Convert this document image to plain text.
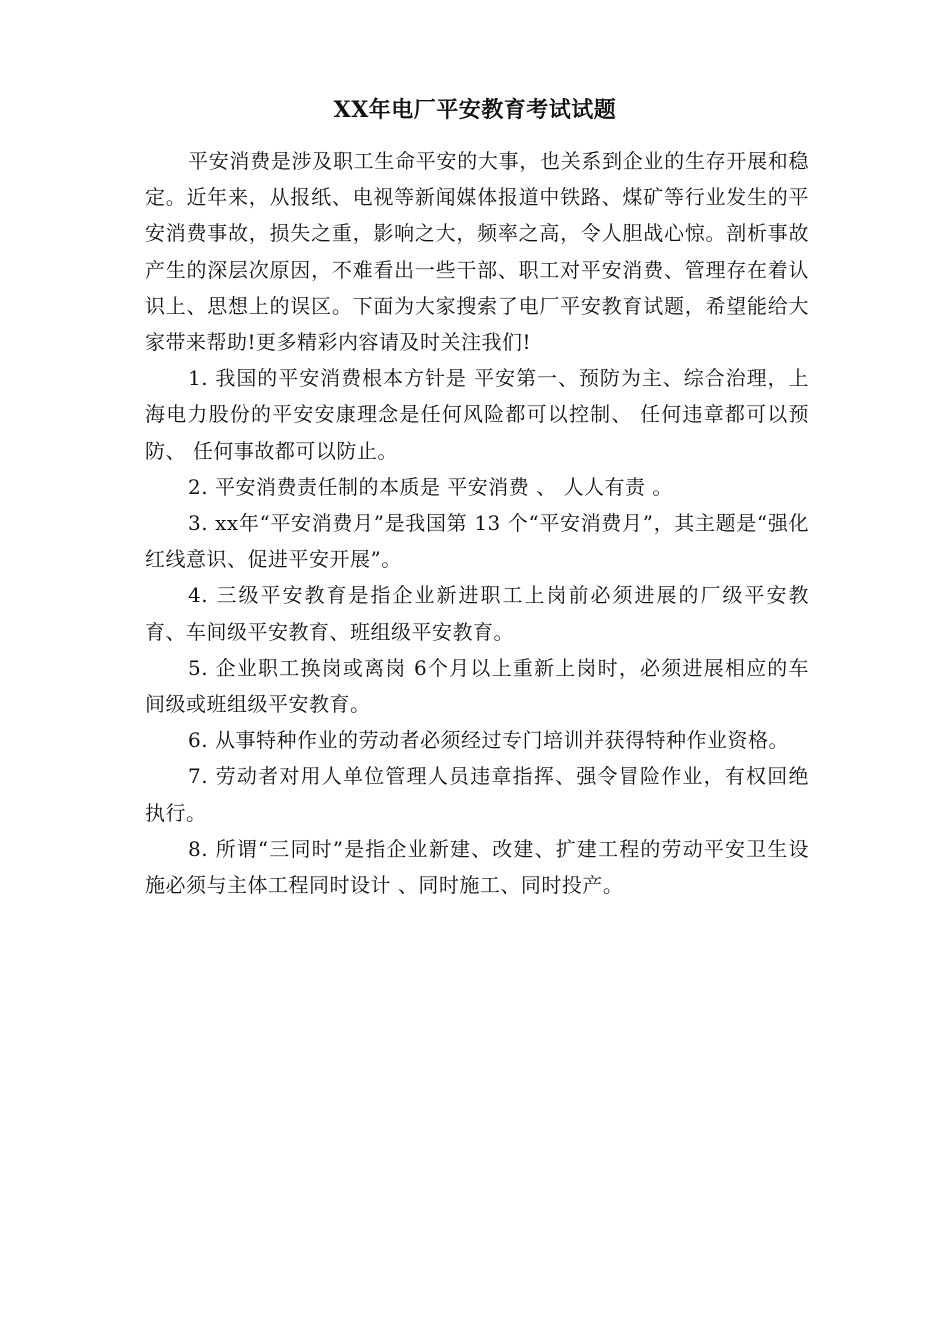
XX年电厂平安教育考试试题

平安消费是涉及职工生命平安的大事，也关系到企业的生存开展和稳定。近年来，从报纸、电视等新闻媒体报道中铁路、煤矿等行业发生的平安消费事故，损失之重，影响之大，频率之高，令人胆战心惊。剖析事故产生的深层次原因，不难看出一些干部、职工对平安消费、管理存在着认识上、思想上的误区。下面为大家搜索了电厂平安教育试题，希望能给大家带来帮助!更多精彩内容请及时关注我们!

1. 我国的平安消费根本方针是 平安第一、预防为主、综合治理，上海电力股份的平安安康理念是任何风险都可以控制、 任何违章都可以预防、 任何事故都可以防止。

2. 平安消费责任制的本质是 平安消费 、 人人有责 。

3. xx年“平安消费月”是我国第 13 个“平安消费月”，其主题是“强化红线意识、促进平安开展”。

4. 三级平安教育是指企业新进职工上岗前必须进展的厂级平安教育、车间级平安教育、班组级平安教育。

5. 企业职工换岗或离岗 6个月以上重新上岗时，必须进展相应的车间级或班组级平安教育。

6. 从事特种作业的劳动者必须经过专门培训并获得特种作业资格。

7. 劳动者对用人单位管理人员违章指挥、强令冒险作业，有权回绝执行。

8. 所谓“三同时”是指企业新建、改建、扩建工程的劳动平安卫生设施必须与主体工程同时设计 、同时施工、同时投产。
